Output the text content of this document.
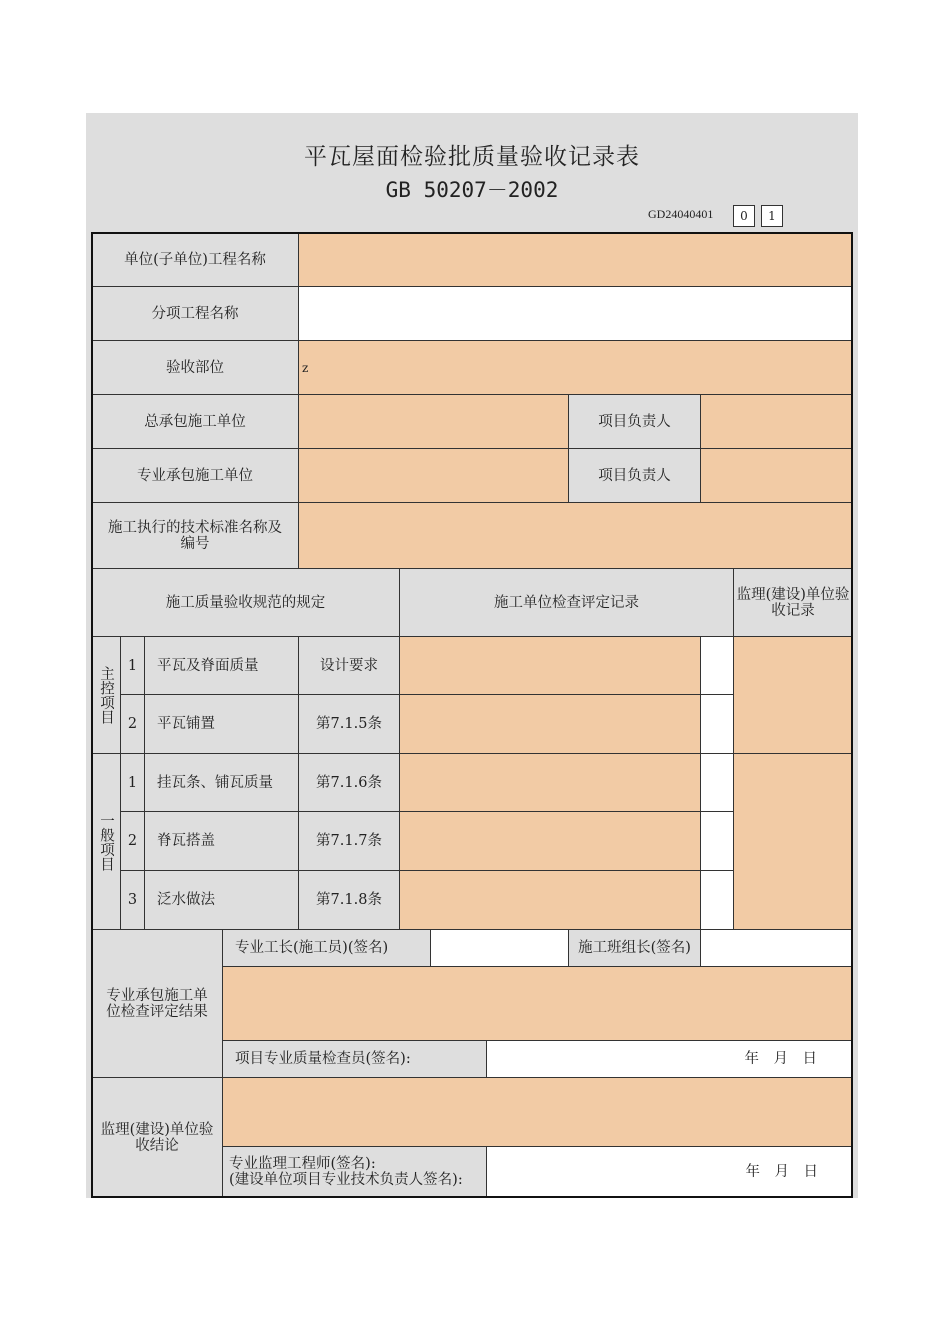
平瓦屋面检验批质量验收记录表
GB 50207－2002
GD24040401	0	1
单位(子单位)工程名称
分项工程名称
验收部位	z
总承包施工单位	项目负责人
专业承包施工单位	项目负责人
施工执行的技术标准名称及编号
施工质量验收规范的规定	施工单位检查评定记录	监理(建设)单位验收记录
主控项目
1	平瓦及脊面质量	设计要求
2	平瓦铺置	第7.1.5条
一般项目
1	挂瓦条、铺瓦质量	第7.1.6条
2	脊瓦搭盖	第7.1.7条
3	泛水做法	第7.1.8条
专业承包施工单位检查评定结果
专业工长(施工员)(签名)	施工班组长(签名)
项目专业质量检查员(签名):	年　月　日
监理(建设)单位验收结论
专业监理工程师(签名):
(建设单位项目专业技术负责人签名):	年　月　日
